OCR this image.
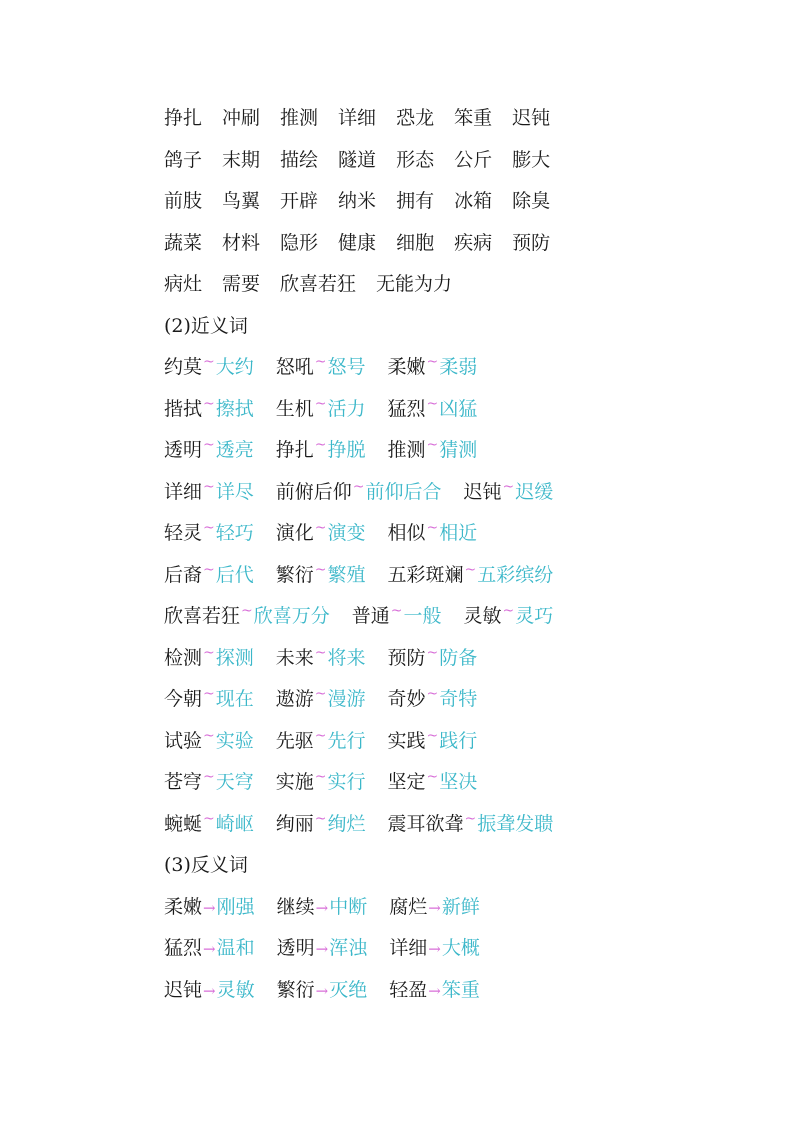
挣扎 冲刷 推测 详细 恐龙 笨重 迟钝
鸽子 末期 描绘 隧道 形态 公斤 膨大
前肢 鸟翼 开辟 纳米 拥有 冰箱 除臭
蔬菜 材料 隐形 健康 细胞 疾病 预防
病灶 需要 欣喜若狂 无能为力
(2)近义词
约莫~大约 怒吼~怒号 柔嫩~柔弱
揩拭~擦拭 生机~活力 猛烈~凶猛
透明~透亮 挣扎~挣脱 推测~猜测
详细~详尽 前俯后仰~前仰后合 迟钝~迟缓
轻灵~轻巧 演化~演变 相似~相近
后裔~后代 繁衍~繁殖 五彩斑斓~五彩缤纷
欣喜若狂~欣喜万分 普通~一般 灵敏~灵巧
检测~探测 未来~将来 预防~防备
今朝~现在 遨游~漫游 奇妙~奇特
试验~实验 先驱~先行 实践~践行
苍穹~天穹 实施~实行 坚定~坚决
蜿蜒~崎岖 绚丽~绚烂 震耳欲聋~振聋发聩
(3)反义词
柔嫩→刚强 继续→中断 腐烂→新鲜
猛烈→温和 透明→浑浊 详细→大概
迟钝→灵敏 繁衍→灭绝 轻盈→笨重
